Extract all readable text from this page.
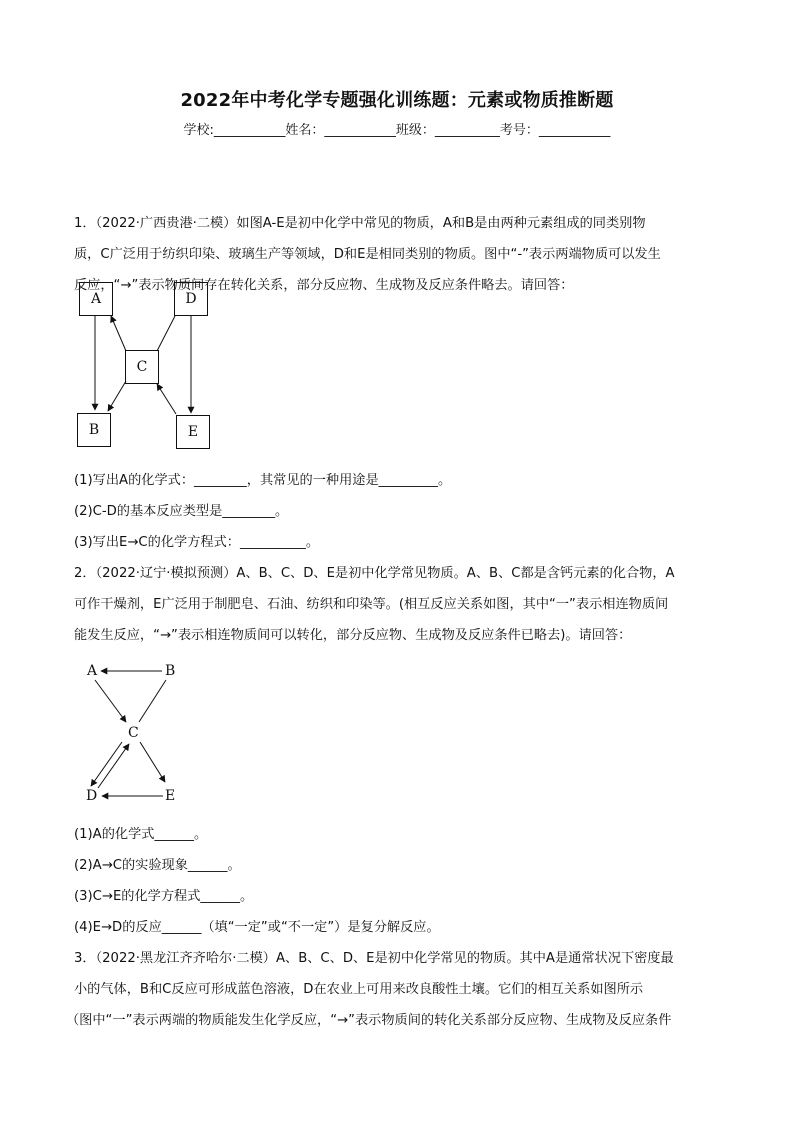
2022年中考化学专题强化训练题：元素或物质推断题
学校:___________姓名：___________班级：__________考号：___________
1．（2022·广西贵港·二模）如图A-E是初中化学中常见的物质，A和B是由两种元素组成的同类别物
质，C广泛用于纺织印染、玻璃生产等领域，D和E是相同类别的物质。图中“-”表示两端物质可以发生
反应，“→”表示物质间存在转化关系，部分反应物、生成物及反应条件略去。请回答：
A	D
C
B	E
(1)写出A的化学式：________，其常见的一种用途是_________。
(2)C-D的基本反应类型是________。
(3)写出E→C的化学方程式：__________。
2．（2022·辽宁·模拟预测）A、B、C、D、E是初中化学常见物质。A、B、C都是含钙元素的化合物，A
可作干燥剂，E广泛用于制肥皂、石油、纺织和印染等。(相互反应关系如图，其中“一”表示相连物质间
能发生反应，“→”表示相连物质间可以转化，部分反应物、生成物及反应条件已略去)。请回答：
A	B
C
D	E
(1)A的化学式______。
(2)A→C的实验现象______。
(3)C→E的化学方程式______。
(4)E→D的反应______（填“一定”或“不一定”）是复分解反应。
3．（2022·黑龙江齐齐哈尔·二模）A、B、C、D、E是初中化学常见的物质。其中A是通常状况下密度最
小的气体，B和C反应可形成蓝色溶液，D在农业上可用来改良酸性土壤。它们的相互关系如图所示
（图中“一”表示两端的物质能发生化学反应，“→”表示物质间的转化关系部分反应物、生成物及反应条件
